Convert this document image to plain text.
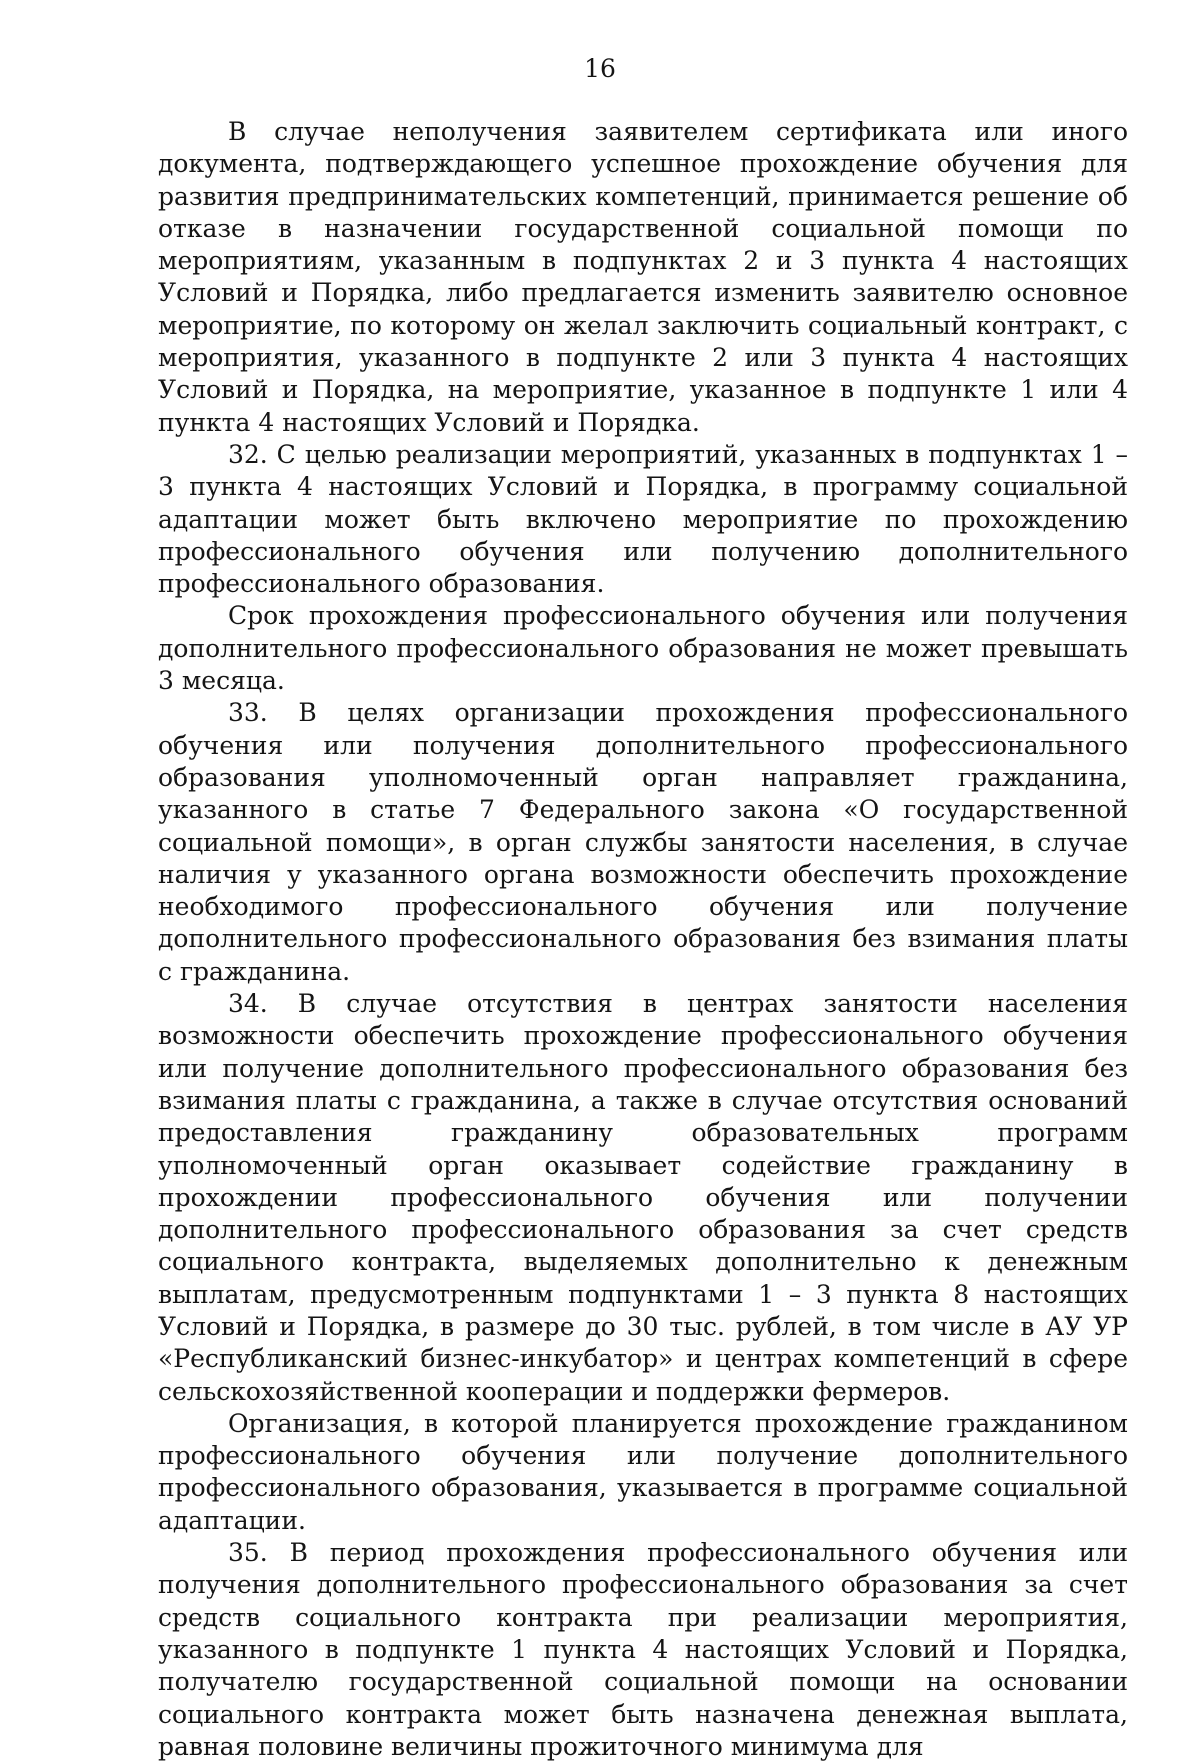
16

В случае неполучения заявителем сертификата или иного документа, подтверждающего успешное прохождение обучения для развития предпринимательских компетенций, принимается решение об отказе в назначении государственной социальной помощи по мероприятиям, указанным в подпунктах 2 и 3 пункта 4 настоящих Условий и Порядка, либо предлагается изменить заявителю основное мероприятие, по которому он желал заключить социальный контракт, с мероприятия, указанного в подпункте 2 или 3 пункта 4 настоящих Условий и Порядка, на мероприятие, указанное в подпункте 1 или 4 пункта 4 настоящих Условий и Порядка.

32. С целью реализации мероприятий, указанных в подпунктах 1 – 3 пункта 4 настоящих Условий и Порядка, в программу социальной адаптации может быть включено мероприятие по прохождению профессионального обучения или получению дополнительного профессионального образования.

Срок прохождения профессионального обучения или получения дополнительного профессионального образования не может превышать 3 месяца.

33. В целях организации прохождения профессионального обучения или получения дополнительного профессионального образования уполномоченный орган направляет гражданина, указанного в статье 7 Федерального закона «О государственной социальной помощи», в орган службы занятости населения, в случае наличия у указанного органа возможности обеспечить прохождение необходимого профессионального обучения или получение дополнительного профессионального образования без взимания платы с гражданина.

34. В случае отсутствия в центрах занятости населения возможности обеспечить прохождение профессионального обучения или получение дополнительного профессионального образования без взимания платы с гражданина, а также в случае отсутствия оснований предоставления гражданину образовательных программ уполномоченный орган оказывает содействие гражданину в прохождении профессионального обучения или получении дополнительного профессионального образования за счет средств социального контракта, выделяемых дополнительно к денежным выплатам, предусмотренным подпунктами 1 – 3 пункта 8 настоящих Условий и Порядка, в размере до 30 тыс. рублей, в том числе в АУ УР «Республиканский бизнес-инкубатор» и центрах компетенций в сфере сельскохозяйственной кооперации и поддержки фермеров.

Организация, в которой планируется прохождение гражданином профессионального обучения или получение дополнительного профессионального образования, указывается в программе социальной адаптации.

35. В период прохождения профессионального обучения или получения дополнительного профессионального образования за счет средств социального контракта при реализации мероприятия, указанного в подпункте 1 пункта 4 настоящих Условий и Порядка, получателю государственной социальной помощи на основании социального контракта может быть назначена денежная выплата, равная половине величины прожиточного минимума для
